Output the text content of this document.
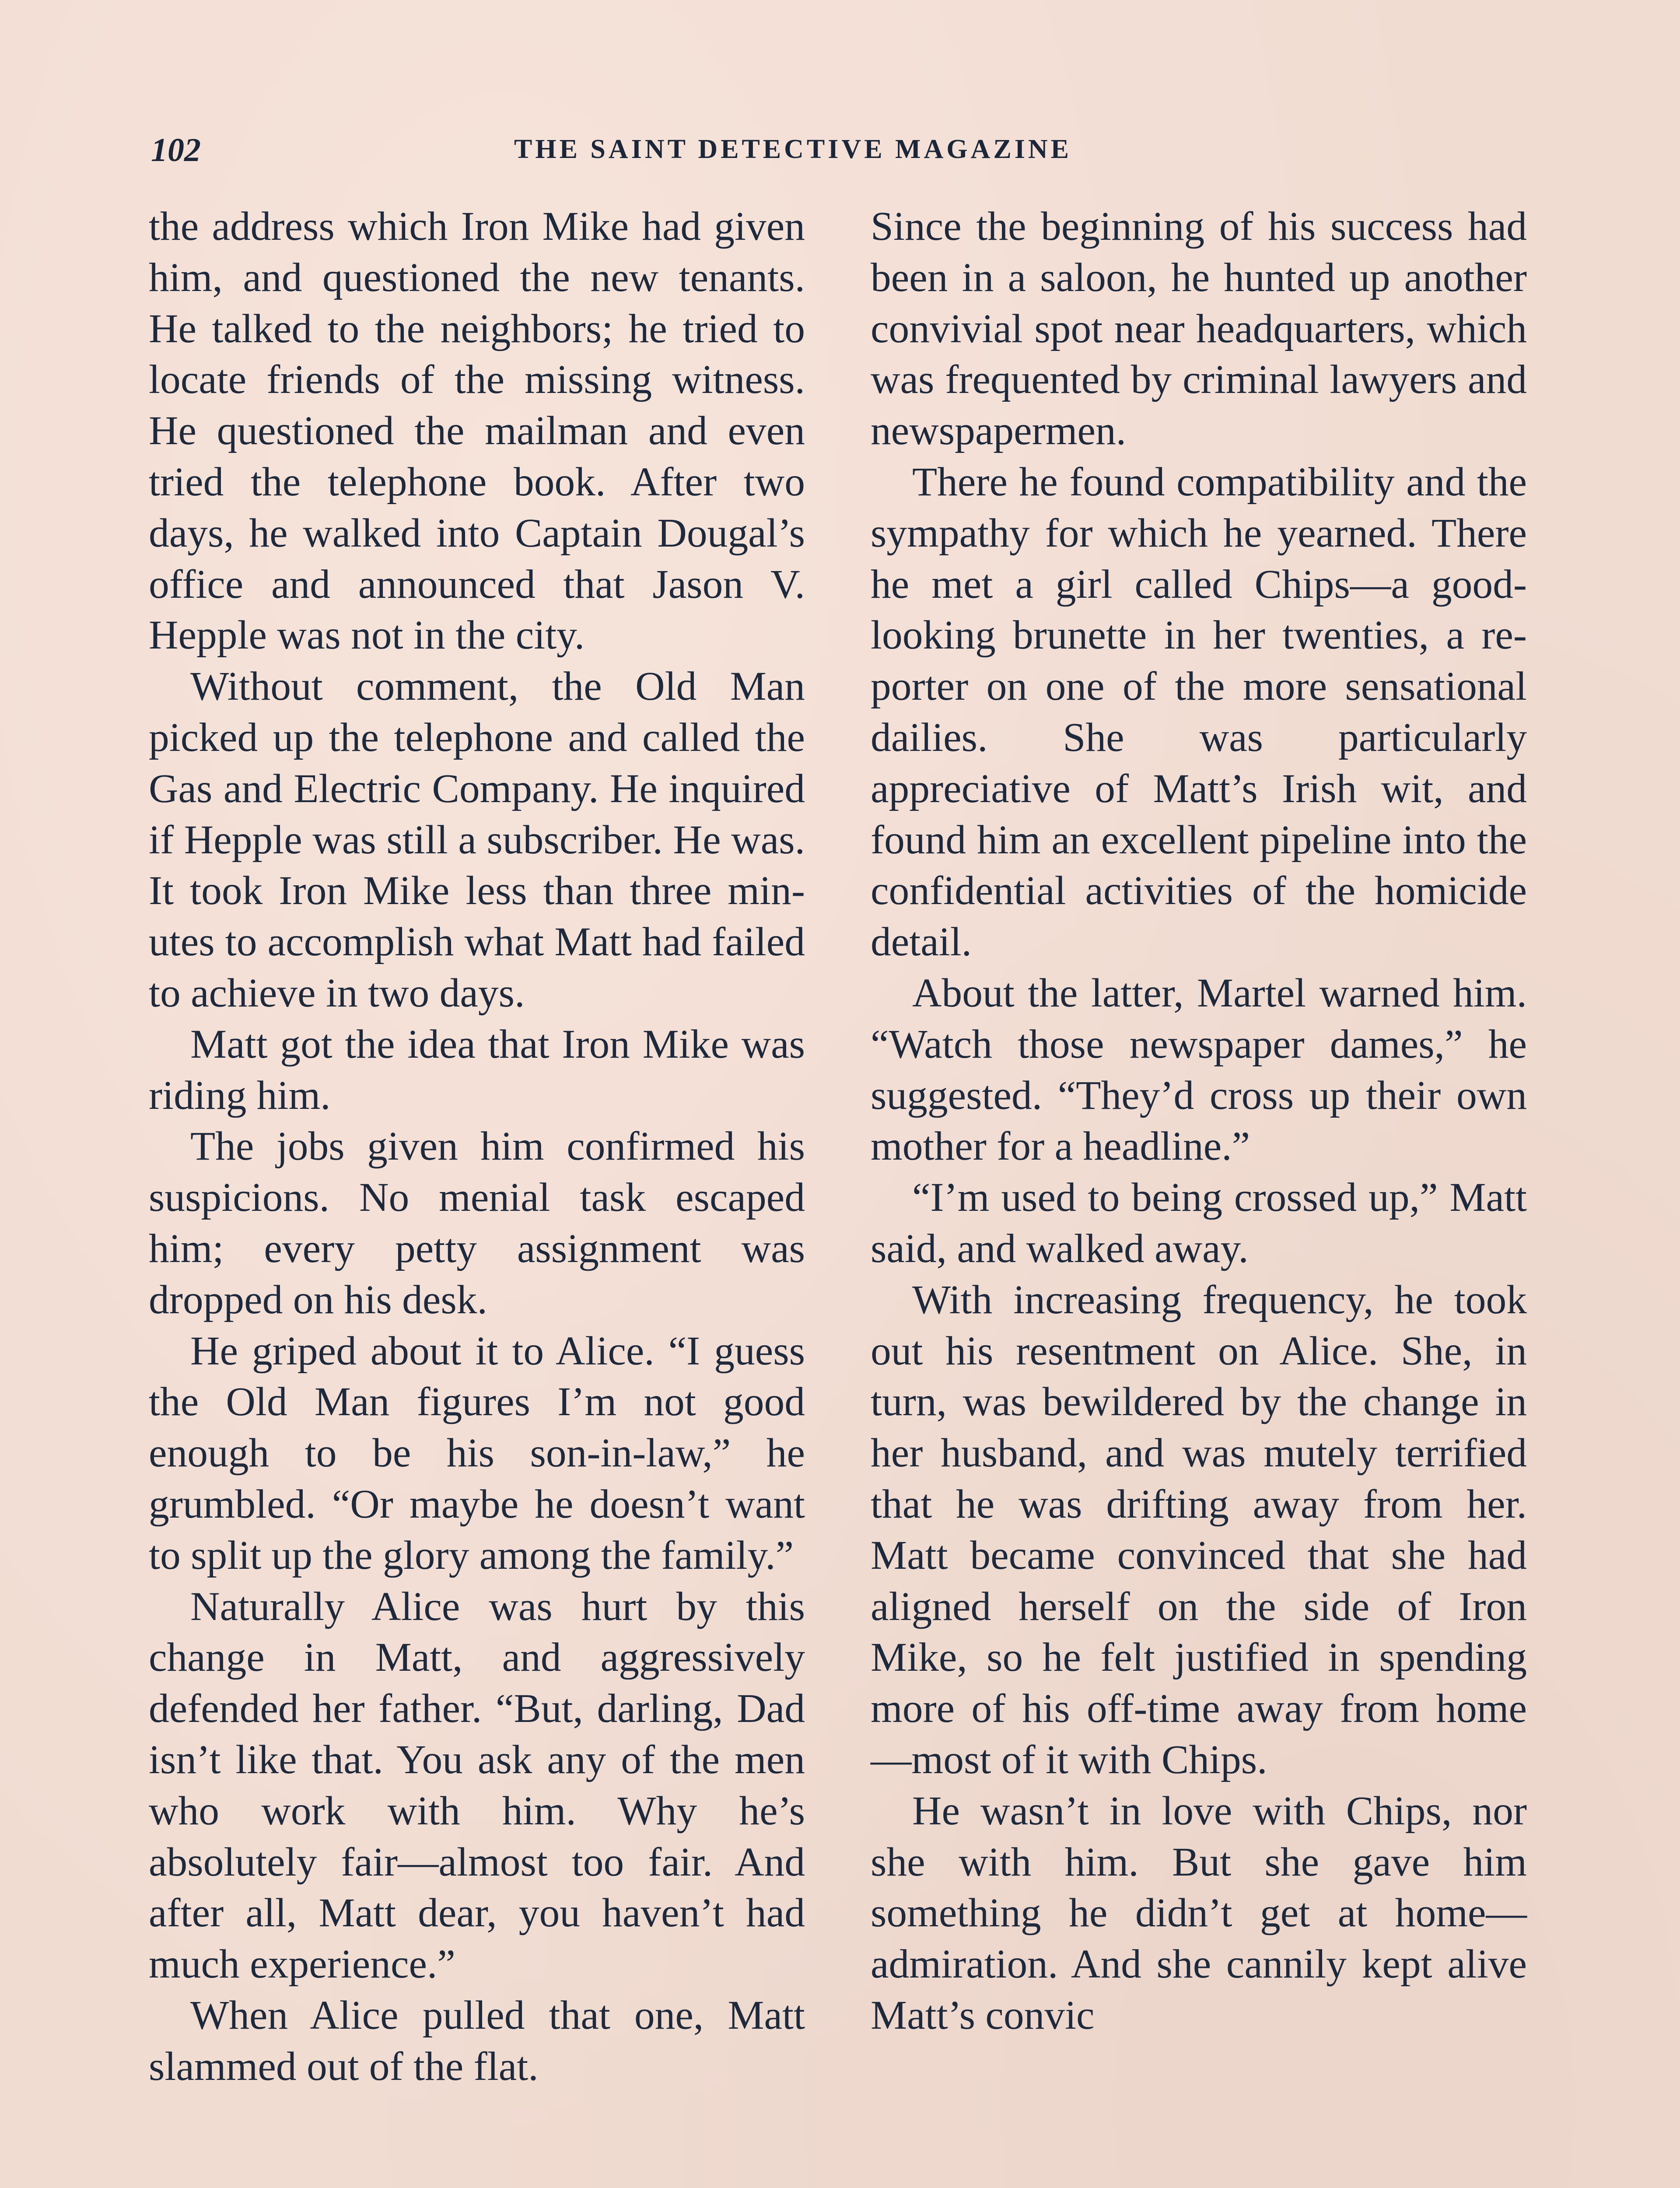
102	THE SAINT DETECTIVE MAGAZINE

the address which Iron Mike had given him, and questioned the new tenants. He talked to the neighbors; he tried to locate friends of the missing witness. He questioned the mailman and even tried the telephone book. After two days, he walked into Captain Dougal’s office and announced that Jason V. Hepple was not in the city.

Without comment, the Old Man picked up the telephone and called the Gas and Electric Company. He inquired if Hepple was still a subscriber. He was. It took Iron Mike less than three minutes to accomplish what Matt had failed to achieve in two days.

Matt got the idea that Iron Mike was riding him.

The jobs given him confirmed his suspicions. No menial task escaped him; every petty assignment was dropped on his desk.

He griped about it to Alice. “I guess the Old Man figures I’m not good enough to be his son-in-law,” he grumbled. “Or maybe he doesn’t want to split up the glory among the family.”

Naturally Alice was hurt by this change in Matt, and aggressively defended her father. “But, darling, Dad isn’t like that. You ask any of the men who work with him. Why he’s absolutely fair—almost too fair. And after all, Matt dear, you haven’t had much experience.”

When Alice pulled that one, Matt slammed out of the flat.

Since the beginning of his success had been in a saloon, he hunted up another convivial spot near headquarters, which was frequented by criminal lawyers and newspapermen.

There he found compatibility and the sympathy for which he yearned. There he met a girl called Chips—a good-looking brunette in her twenties, a reporter on one of the more sensational dailies. She was particularly appreciative of Matt’s Irish wit, and found him an excellent pipeline into the confidential activities of the homicide detail.

About the latter, Martel warned him. “Watch those newspaper dames,” he suggested. “They’d cross up their own mother for a headline.”

“I’m used to being crossed up,” Matt said, and walked away.

With increasing frequency, he took out his resentment on Alice. She, in turn, was bewildered by the change in her husband, and was mutely terrified that he was drifting away from her. Matt became convinced that she had aligned herself on the side of Iron Mike, so he felt justified in spending more of his off-time away from home—most of it with Chips.

He wasn’t in love with Chips, nor she with him. But she gave him something he didn’t get at home—admiration. And she cannily kept alive Matt’s convic
